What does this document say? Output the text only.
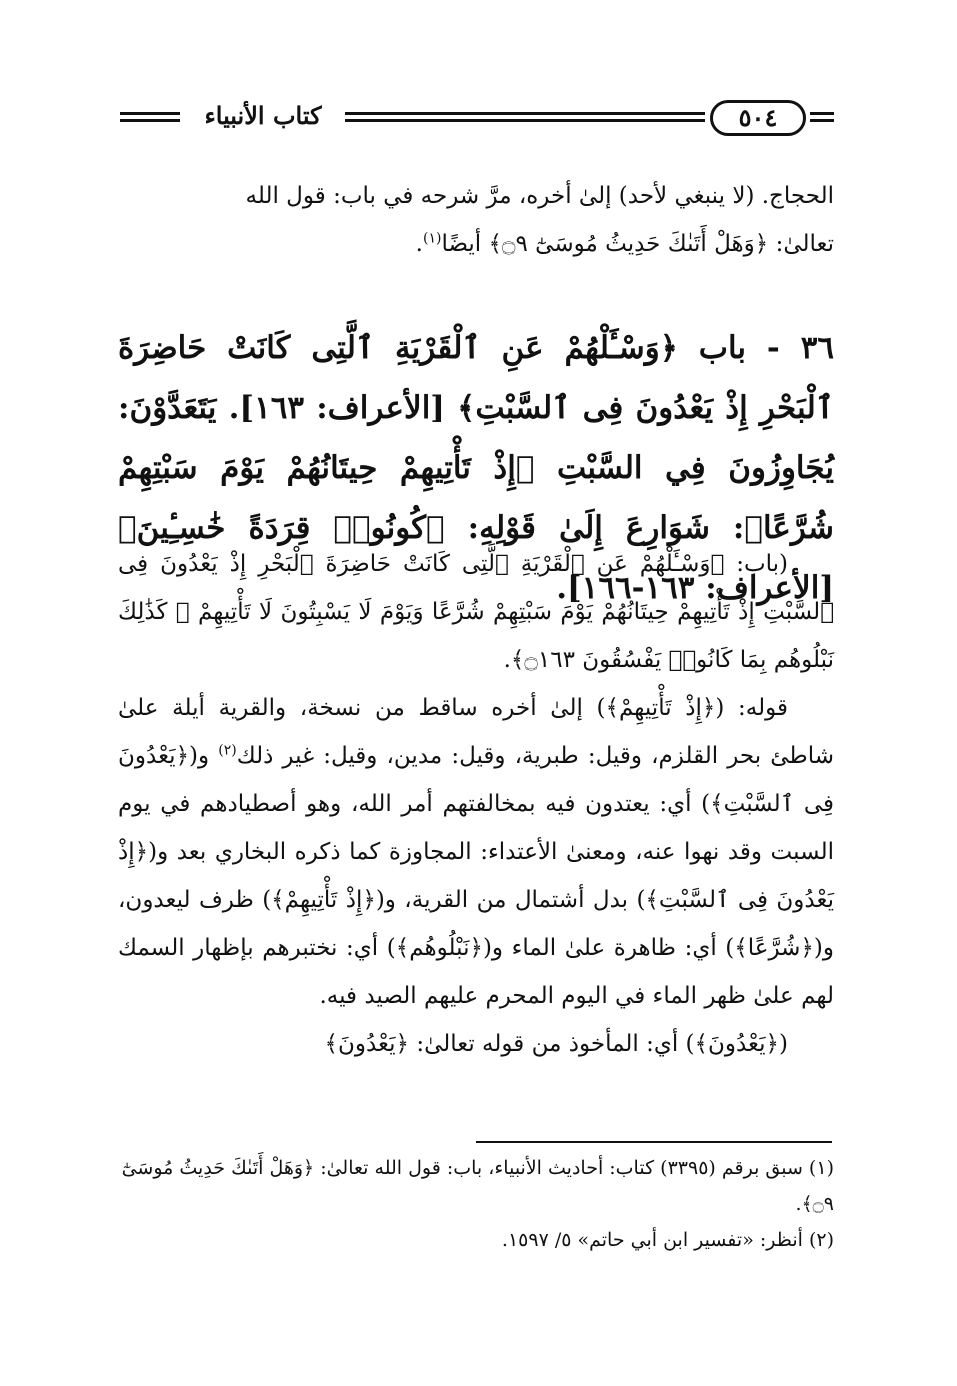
كتاب الأنبياء	٥٠٤

الحجاج. (لا ينبغي لأحد) إلىٰ أخره، مرَّ شرحه في باب: قول الله

تعالىٰ: ﴿وَهَلْ أَتَىٰكَ حَدِيثُ مُوسَىٰٓ ۝٩﴾ أيضًا$^{(١)}$.

٣٦ - باب ﴿وَسْـَٔلْهُمْ عَنِ ٱلْقَرْيَةِ ٱلَّتِى كَانَتْ حَاضِرَةَ ٱلْبَحْرِ إِذْ يَعْدُونَ فِى ٱلسَّبْتِ﴾ [الأعراف: ١٦٣]. يَتَعَدَّوْنَ: يُجَاوِزُونَ فِي السَّبْتِ ﴿إِذْ تَأْتِيهِمْ حِيتَانُهُمْ يَوْمَ سَبْتِهِمْ شُرَّعًا﴾: شَوَارِعَ إِلَىٰ قَوْلِهِ: ﴿كُونُوا۟ قِرَدَةً خَٰسِـِٔينَ﴾ [الأعراف: ١٦٣-١٦٦].

(باب: ﴿وَسْـَٔلْهُمْ عَنِ ٱلْقَرْيَةِ ٱلَّتِى كَانَتْ حَاضِرَةَ ٱلْبَحْرِ إِذْ يَعْدُونَ فِى ٱلسَّبْتِ إِذْ تَأْتِيهِمْ حِيتَانُهُمْ يَوْمَ سَبْتِهِمْ شُرَّعًا وَيَوْمَ لَا يَسْبِتُونَ لَا تَأْتِيهِمْ ۚ كَذَٰلِكَ نَبْلُوهُم بِمَا كَانُوا۟ يَفْسُقُونَ ۝١٦٣﴾.

قوله: (﴿إِذْ تَأْتِيهِمْ﴾) إلىٰ أخره ساقط من نسخة، والقرية أيلة علىٰ شاطئ بحر القلزم، وقيل: طبرية، وقيل: مدين، وقيل: غير ذلك$^{(٢)}$ و(﴿يَعْدُونَ فِى ٱلسَّبْتِ﴾) أي: يعتدون فيه بمخالفتهم أمر الله، وهو أصطيادهم في يوم السبت وقد نهوا عنه، ومعنىٰ الأعتداء: المجاوزة كما ذكره البخاري بعد و(﴿إِذْ يَعْدُونَ فِى ٱلسَّبْتِ﴾) بدل أشتمال من القرية، و(﴿إِذْ تَأْتِيهِمْ﴾) ظرف ليعدون، و(﴿شُرَّعًا﴾) أي: ظاهرة علىٰ الماء و(﴿نَبْلُوهُم﴾) أي: نختبرهم بإظهار السمك لهم علىٰ ظهر الماء في اليوم المحرم عليهم الصيد فيه.

(﴿يَعْدُونَ﴾) أي: المأخوذ من قوله تعالىٰ: ﴿يَعْدُونَ﴾

(١) سبق برقم (٣٣٩٥) كتاب: أحاديث الأنبياء، باب: قول الله تعالىٰ: ﴿وَهَلْ أَتَىٰكَ حَدِيثُ مُوسَىٰٓ ۝٩﴾.

(٢) أنظر: «تفسير ابن أبي حاتم» ٥/ ١٥٩٧.
